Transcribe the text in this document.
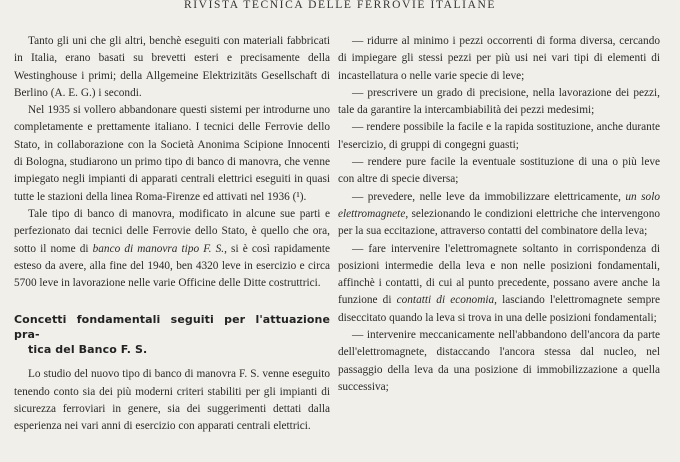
RIVISTA TECNICA DELLE FERROVIE ITALIANE

Tanto gli uni che gli altri, benchè eseguiti con materiali fabbricati in Italia, erano basati su brevetti esteri e precisamente della Westinghouse i primi; della Allgemeine Elektrizitäts Gesellschaft di Berlino (A. E. G.) i secondi.

Nel 1935 si vollero abbandonare questi sistemi per introdurne uno completamente e prettamente italiano. I tecnici delle Ferrovie dello Stato, in collaborazione con la Società Anonima Scipione Innocenti di Bologna, studiarono un primo tipo di banco di manovra, che venne impiegato negli impianti di apparati centrali elettrici eseguiti in quasi tutte le stazioni della linea Roma-Firenze ed attivati nel 1936 (¹).

Tale tipo di banco di manovra, modificato in alcune sue parti e perfezionato dai tecnici delle Ferrovie dello Stato, è quello che ora, sotto il nome di banco di manovra tipo F. S., si è così rapidamente esteso da avere, alla fine del 1940, ben 4320 leve in esercizio e circa 5700 leve in lavorazione nelle varie Officine delle Ditte costruttrici.

Concetti fondamentali seguiti per l'attuazione pra-
tica del Banco F. S.

Lo studio del nuovo tipo di banco di manovra F. S. venne eseguito tenendo conto sia dei più moderni criteri stabiliti per gli impianti di sicurezza ferroviari in genere, sia dei suggerimenti dettati dalla esperienza nei vari anni di esercizio con apparati centrali elettrici.

— ridurre al minimo i pezzi occorrenti di forma diversa, cercando di impiegare gli stessi pezzi per più usi nei vari tipi di elementi di incastellatura o nelle varie specie di leve;

— prescrivere un grado di precisione, nella lavorazione dei pezzi, tale da garantire la intercambiabilità dei pezzi medesimi;

— rendere possibile la facile e la rapida sostituzione, anche durante l'esercizio, di gruppi di congegni guasti;

— rendere pure facile la eventuale sostituzione di una o più leve con altre di specie diversa;

— prevedere, nelle leve da immobilizzare elettricamente, un solo elettromagnete, selezionando le condizioni elettriche che intervengono per la sua eccitazione, attraverso contatti del combinatore della leva;

— fare intervenire l'elettromagnete soltanto in corrispondenza di posizioni intermedie della leva e non nelle posizioni fondamentali, affinchè i contatti, di cui al punto precedente, possano avere anche la funzione di contatti di economia, lasciando l'elettromagnete sempre diseccitato quando la leva si trova in una delle posizioni fondamentali;

— intervenire meccanicamente nell'abbandono dell'ancora da parte dell'elettromagnete, distaccando l'ancora stessa dal nucleo, nel passaggio della leva da una posizione di immobilizzazione a quella successiva;
